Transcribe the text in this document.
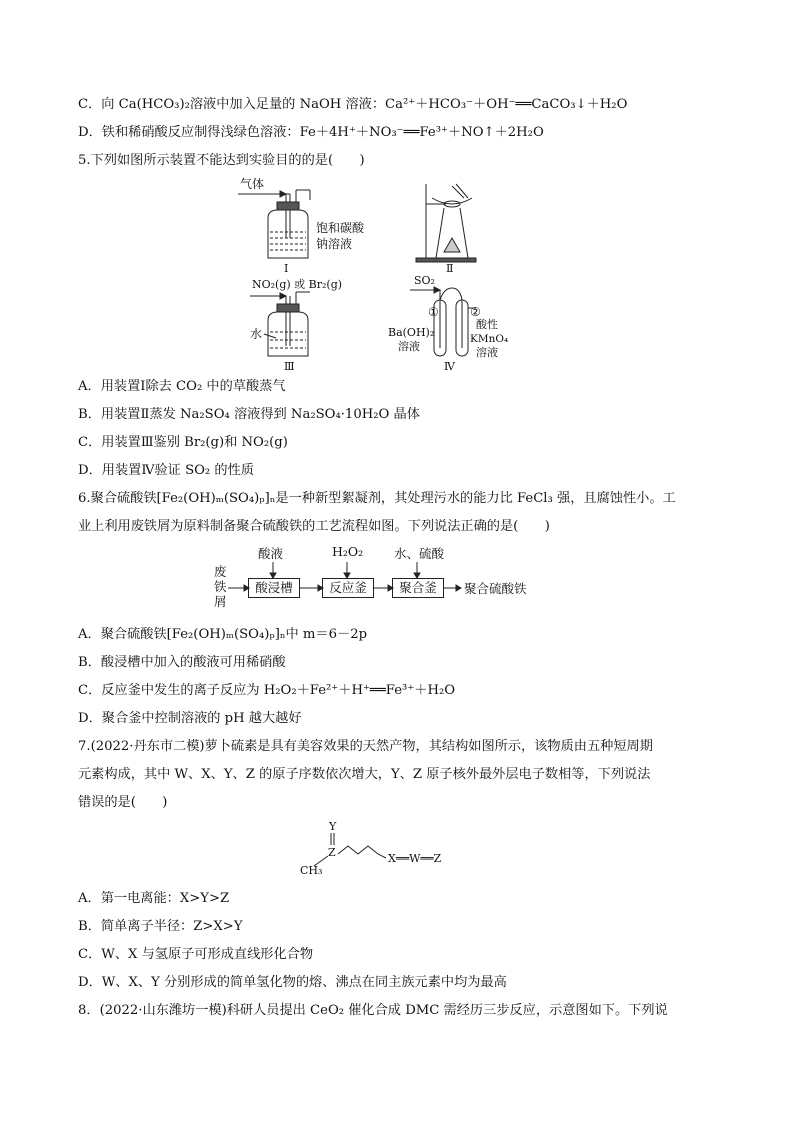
C．向 Ca(HCO₃)₂溶液中加入足量的 NaOH 溶液：Ca²⁺＋HCO₃⁻＋OH⁻══CaCO₃↓＋H₂O
D．铁和稀硝酸反应制得浅绿色溶液：Fe＋4H⁺＋NO₃⁻══Fe³⁺＋NO↑＋2H₂O
5.下列如图所示装置不能达到实验目的的是(　　)
气体
饱和碳酸
钠溶液
Ⅰ	Ⅱ
NO₂(g) 或 Br₂(g)
水
Ⅲ
SO₂
①	②
Ba(OH)₂
溶液
酸性
KMnO₄
溶液
Ⅳ
A．用装置Ⅰ除去 CO₂ 中的草酸蒸气
B．用装置Ⅱ蒸发 Na₂SO₄ 溶液得到 Na₂SO₄·10H₂O 晶体
C．用装置Ⅲ鉴别 Br₂(g)和 NO₂(g)
D．用装置Ⅳ验证 SO₂ 的性质
6.聚合硫酸铁[Fe₂(OH)ₘ(SO₄)ₚ]ₙ是一种新型絮凝剂，其处理污水的能力比 FeCl₃ 强，且腐蚀性小。工
业上利用废铁屑为原料制备聚合硫酸铁的工艺流程如图。下列说法正确的是(　　)
废
铁
屑
酸液	H₂O₂ 水、硫酸
酸浸槽	反应釜	聚合釜	聚合硫酸铁
A．聚合硫酸铁[Fe₂(OH)ₘ(SO₄)ₚ]ₙ中 m＝6－2p
B．酸浸槽中加入的酸液可用稀硝酸
C．反应釜中发生的离子反应为 H₂O₂＋Fe²⁺＋H⁺══Fe³⁺＋H₂O
D．聚合釜中控制溶液的 pH 越大越好
7.(2022·丹东市二模)萝卜硫素是具有美容效果的天然产物，其结构如图所示，该物质由五种短周期
元素构成，其中 W、X、Y、Z 的原子序数依次增大，Y、Z 原子核外最外层电子数相等，下列说法
错误的是(　　)
Y
Z
CH₃
X══W══Z
A．第一电离能：X>Y>Z
B．简单离子半径：Z>X>Y
C．W、X 与氢原子可形成直线形化合物
D．W、X、Y 分别形成的简单氢化物的熔、沸点在同主族元素中均为最高
8．(2022·山东潍坊一模)科研人员提出 CeO₂ 催化合成 DMC 需经历三步反应，示意图如下。下列说
